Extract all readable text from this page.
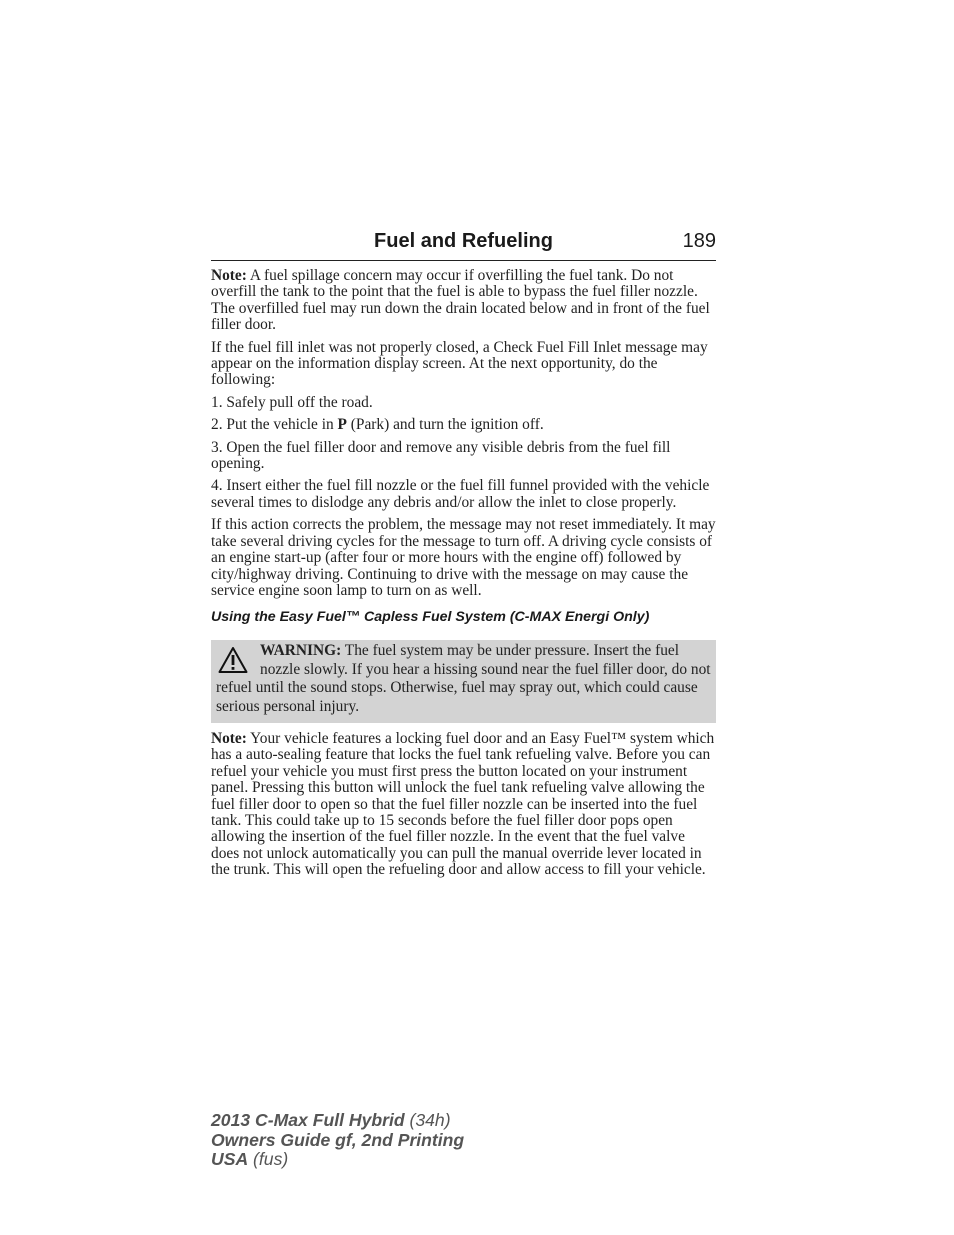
Fuel and Refueling	189

Note: A fuel spillage concern may occur if overfilling the fuel tank. Do not overfill the tank to the point that the fuel is able to bypass the fuel filler nozzle. The overfilled fuel may run down the drain located below and in front of the fuel filler door.

If the fuel fill inlet was not properly closed, a Check Fuel Fill Inlet message may appear on the information display screen. At the next opportunity, do the following:

1. Safely pull off the road.

2. Put the vehicle in P (Park) and turn the ignition off.

3. Open the fuel filler door and remove any visible debris from the fuel fill opening.

4. Insert either the fuel fill nozzle or the fuel fill funnel provided with the vehicle several times to dislodge any debris and/or allow the inlet to close properly.

If this action corrects the problem, the message may not reset immediately. It may take several driving cycles for the message to turn off. A driving cycle consists of an engine start-up (after four or more hours with the engine off) followed by city/highway driving. Continuing to drive with the message on may cause the service engine soon lamp to turn on as well.

Using the Easy Fuel™ Capless Fuel System (C-MAX Energi Only)

WARNING: The fuel system may be under pressure. Insert the fuel nozzle slowly. If you hear a hissing sound near the fuel filler door, do not refuel until the sound stops. Otherwise, fuel may spray out, which could cause serious personal injury.

Note: Your vehicle features a locking fuel door and an Easy Fuel™ system which has a auto-sealing feature that locks the fuel tank refueling valve. Before you can refuel your vehicle you must first press the button located on your instrument panel. Pressing this button will unlock the fuel tank refueling valve allowing the fuel filler door to open so that the fuel filler nozzle can be inserted into the fuel tank. This could take up to 15 seconds before the fuel filler door pops open allowing the insertion of the fuel filler nozzle. In the event that the fuel valve does not unlock automatically you can pull the manual override lever located in the trunk. This will open the refueling door and allow access to fill your vehicle.

2013 C-Max Full Hybrid (34h)
Owners Guide gf, 2nd Printing
USA (fus)
